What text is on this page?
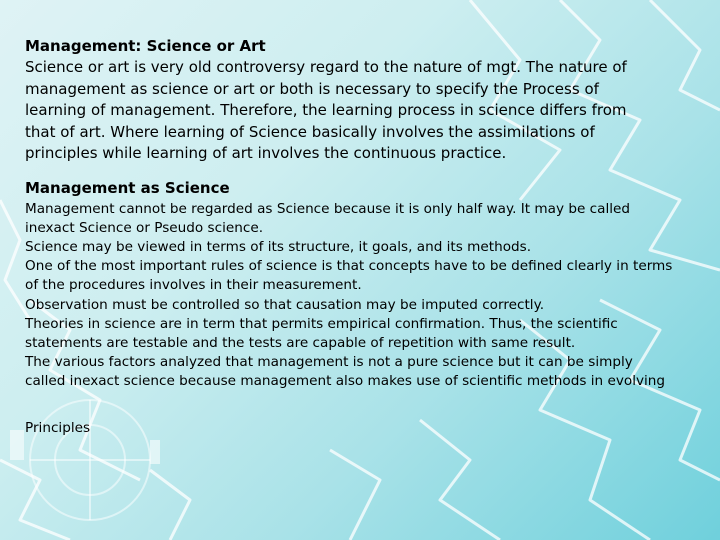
Management: Science or Art
Science or art is very old controversy regard to the nature of mgt. The nature of
management as science or art or both is necessary to specify the Process of
learning of management. Therefore, the learning process in science differs from
that of art. Where learning of Science basically involves the assimilations of
principles while learning of art involves the continuous practice.
Management as Science
Management cannot be regarded as Science because it is only half way. It may be called
inexact Science or Pseudo science.
Science may be viewed in terms of its structure, it goals, and its methods.
One of the most important rules of science is that concepts have to be defined clearly in terms
of the procedures involves in their measurement.
Observation must be controlled so that causation may be imputed correctly.
Theories in science are in term that permits empirical confirmation. Thus, the scientific
statements are testable and the tests are capable of repetition with same result.
The various factors analyzed that management is not a pure science but it can be simply
called inexact science because management also makes use of scientific methods in evolving
Principles
